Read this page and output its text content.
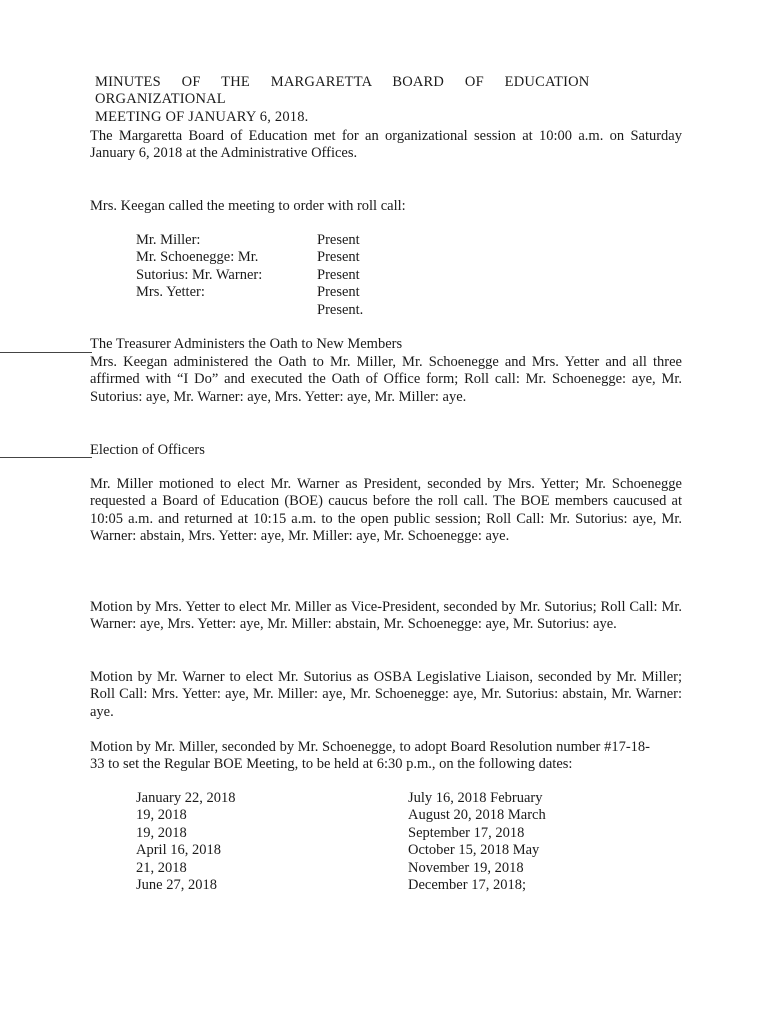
MINUTES OF THE MARGARETTA BOARD OF EDUCATION ORGANIZATIONAL
MEETING OF JANUARY 6, 2018.
The Margaretta Board of Education met for an organizational session at 10:00 a.m. on Saturday January 6, 2018 at the Administrative Offices.
Mrs. Keegan called the meeting to order with roll call:
Mr. Miller:
Mr. Schoenegge: Mr.
Sutorius: Mr. Warner:
Mrs. Yetter:
Present
Present
Present
Present
Present.
The Treasurer Administers the Oath to New Members
Mrs. Keegan administered the Oath to Mr. Miller, Mr. Schoenegge and Mrs. Yetter and all three affirmed with “I Do” and executed the Oath of Office form; Roll call: Mr. Schoenegge: aye, Mr. Sutorius: aye, Mr. Warner: aye, Mrs. Yetter: aye, Mr. Miller: aye.
Election of Officers
Mr. Miller motioned to elect Mr. Warner as President, seconded by Mrs. Yetter; Mr. Schoenegge requested a Board of Education (BOE) caucus before the roll call. The BOE members caucused at 10:05 a.m. and returned at 10:15 a.m. to the open public session; Roll Call: Mr. Sutorius: aye, Mr. Warner: abstain, Mrs. Yetter: aye, Mr. Miller: aye, Mr. Schoenegge: aye.
Motion by Mrs. Yetter to elect Mr. Miller as Vice-President, seconded by Mr. Sutorius; Roll Call: Mr. Warner: aye, Mrs. Yetter: aye, Mr. Miller: abstain, Mr. Schoenegge: aye, Mr. Sutorius: aye.
Motion by Mr. Warner to elect Mr. Sutorius as OSBA Legislative Liaison, seconded by Mr. Miller; Roll Call: Mrs. Yetter: aye, Mr. Miller: aye, Mr. Schoenegge: aye, Mr. Sutorius: abstain, Mr. Warner: aye.
Motion by Mr. Miller, seconded by Mr. Schoenegge, to adopt Board Resolution number #17-18-33 to set the Regular BOE Meeting, to be held at 6:30 p.m., on the following dates:
January 22, 2018
19, 2018
19, 2018
April 16, 2018
21, 2018
June 27, 2018
July 16, 2018 February
August 20, 2018 March
September 17, 2018
October 15, 2018 May
November 19, 2018
December 17, 2018;
